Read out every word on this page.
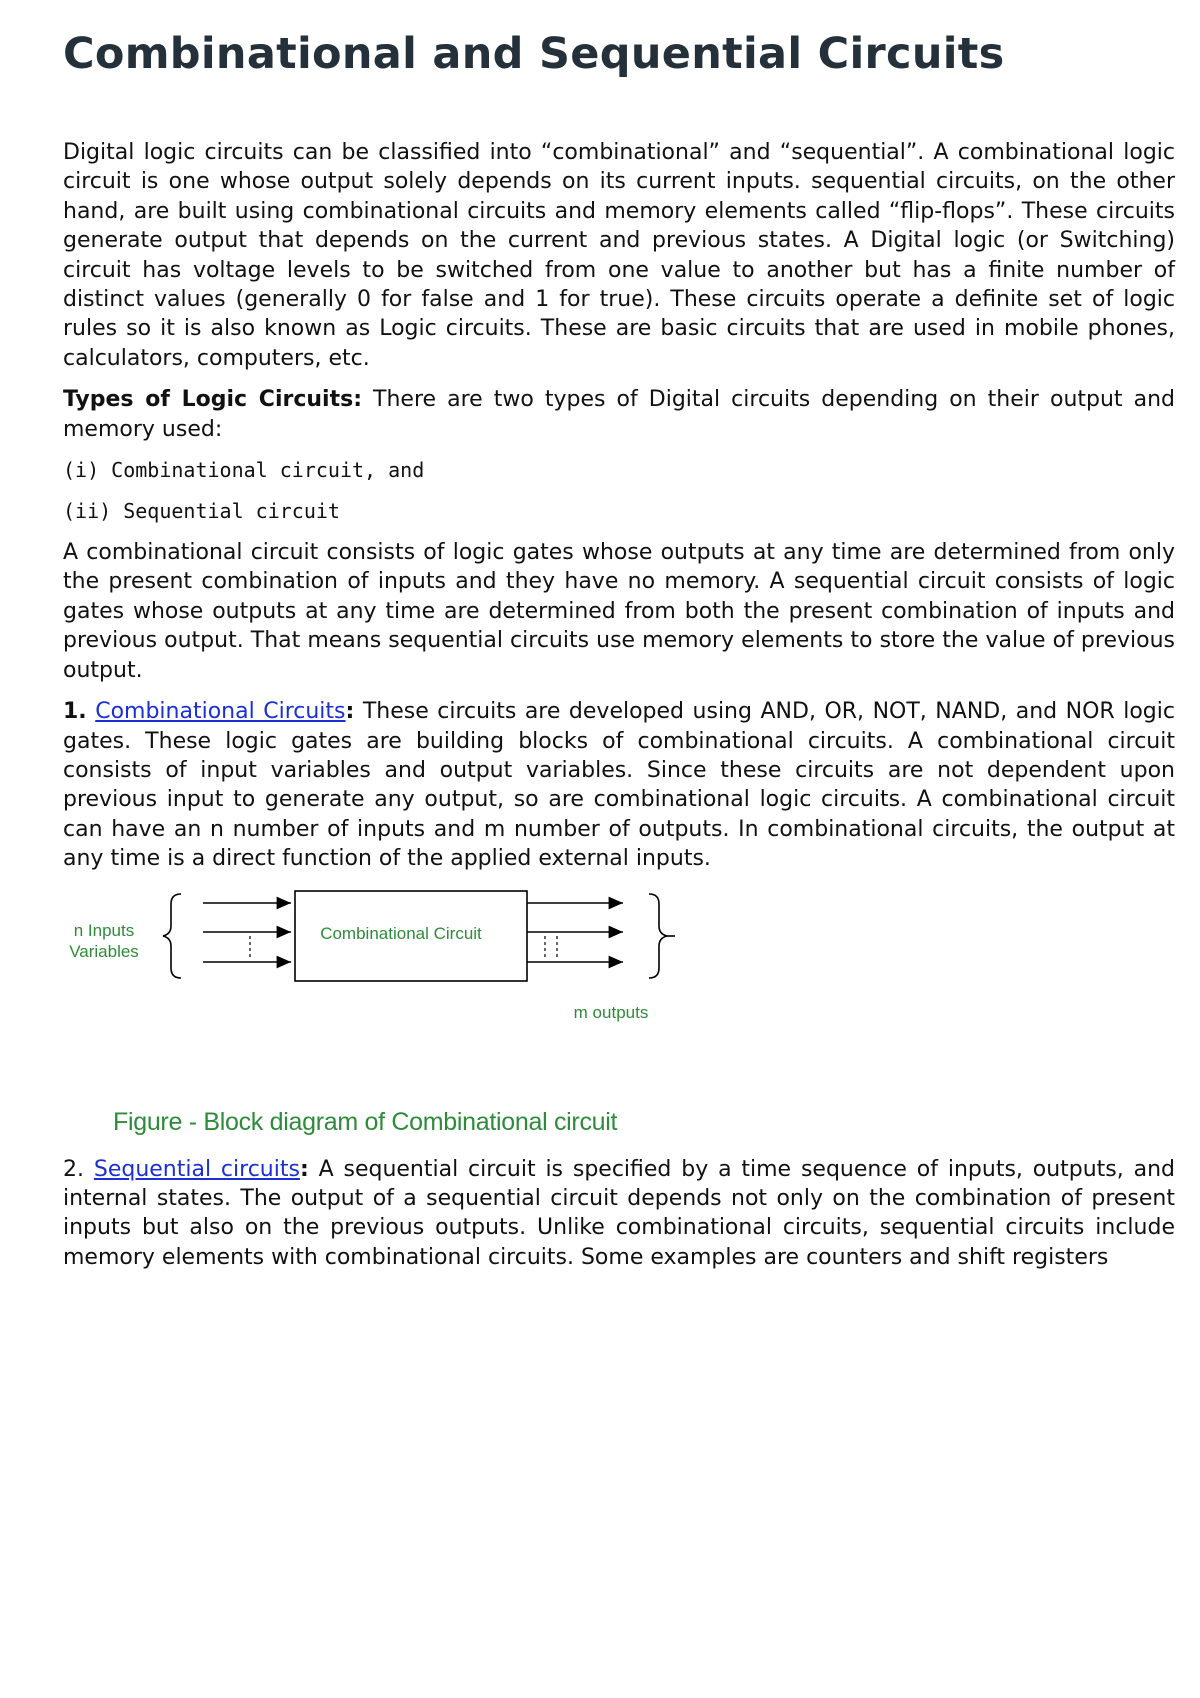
Combinational and Sequential Circuits

Digital logic circuits can be classified into “combinational” and “sequential”. A combinational logic circuit is one whose output solely depends on its current inputs. sequential circuits, on the other hand, are built using combinational circuits and memory elements called “flip-flops”. These circuits generate output that depends on the current and previous states. A Digital logic (or Switching) circuit has voltage levels to be switched from one value to another but has a finite number of distinct values (generally 0 for false and 1 for true). These circuits operate a definite set of logic rules so it is also known as Logic circuits. These are basic circuits that are used in mobile phones, calculators, computers, etc.

Types of Logic Circuits: There are two types of Digital circuits depending on their output and memory used:

(i) Combinational circuit, and

(ii) Sequential circuit

A combinational circuit consists of logic gates whose outputs at any time are determined from only the present combination of inputs and they have no memory. A sequential circuit consists of logic gates whose outputs at any time are determined from both the present combination of inputs and previous output. That means sequential circuits use memory elements to store the value of previous output.

1. Combinational Circuits: These circuits are developed using AND, OR, NOT, NAND, and NOR logic gates. These logic gates are building blocks of combinational circuits. A combinational circuit consists of input variables and output variables. Since these circuits are not dependent upon previous input to generate any output, so are combinational logic circuits. A combinational circuit can have an n number of inputs and m number of outputs. In combinational circuits, the output at any time is a direct function of the applied external inputs.

n Inputs
Variables
Combinational Circuit
m outputs
Figure - Block diagram of Combinational circuit

2. Sequential circuits: A sequential circuit is specified by a time sequence of inputs, outputs, and internal states. The output of a sequential circuit depends not only on the combination of present inputs but also on the previous outputs. Unlike combinational circuits, sequential circuits include memory elements with combinational circuits. Some examples are counters and shift registers
